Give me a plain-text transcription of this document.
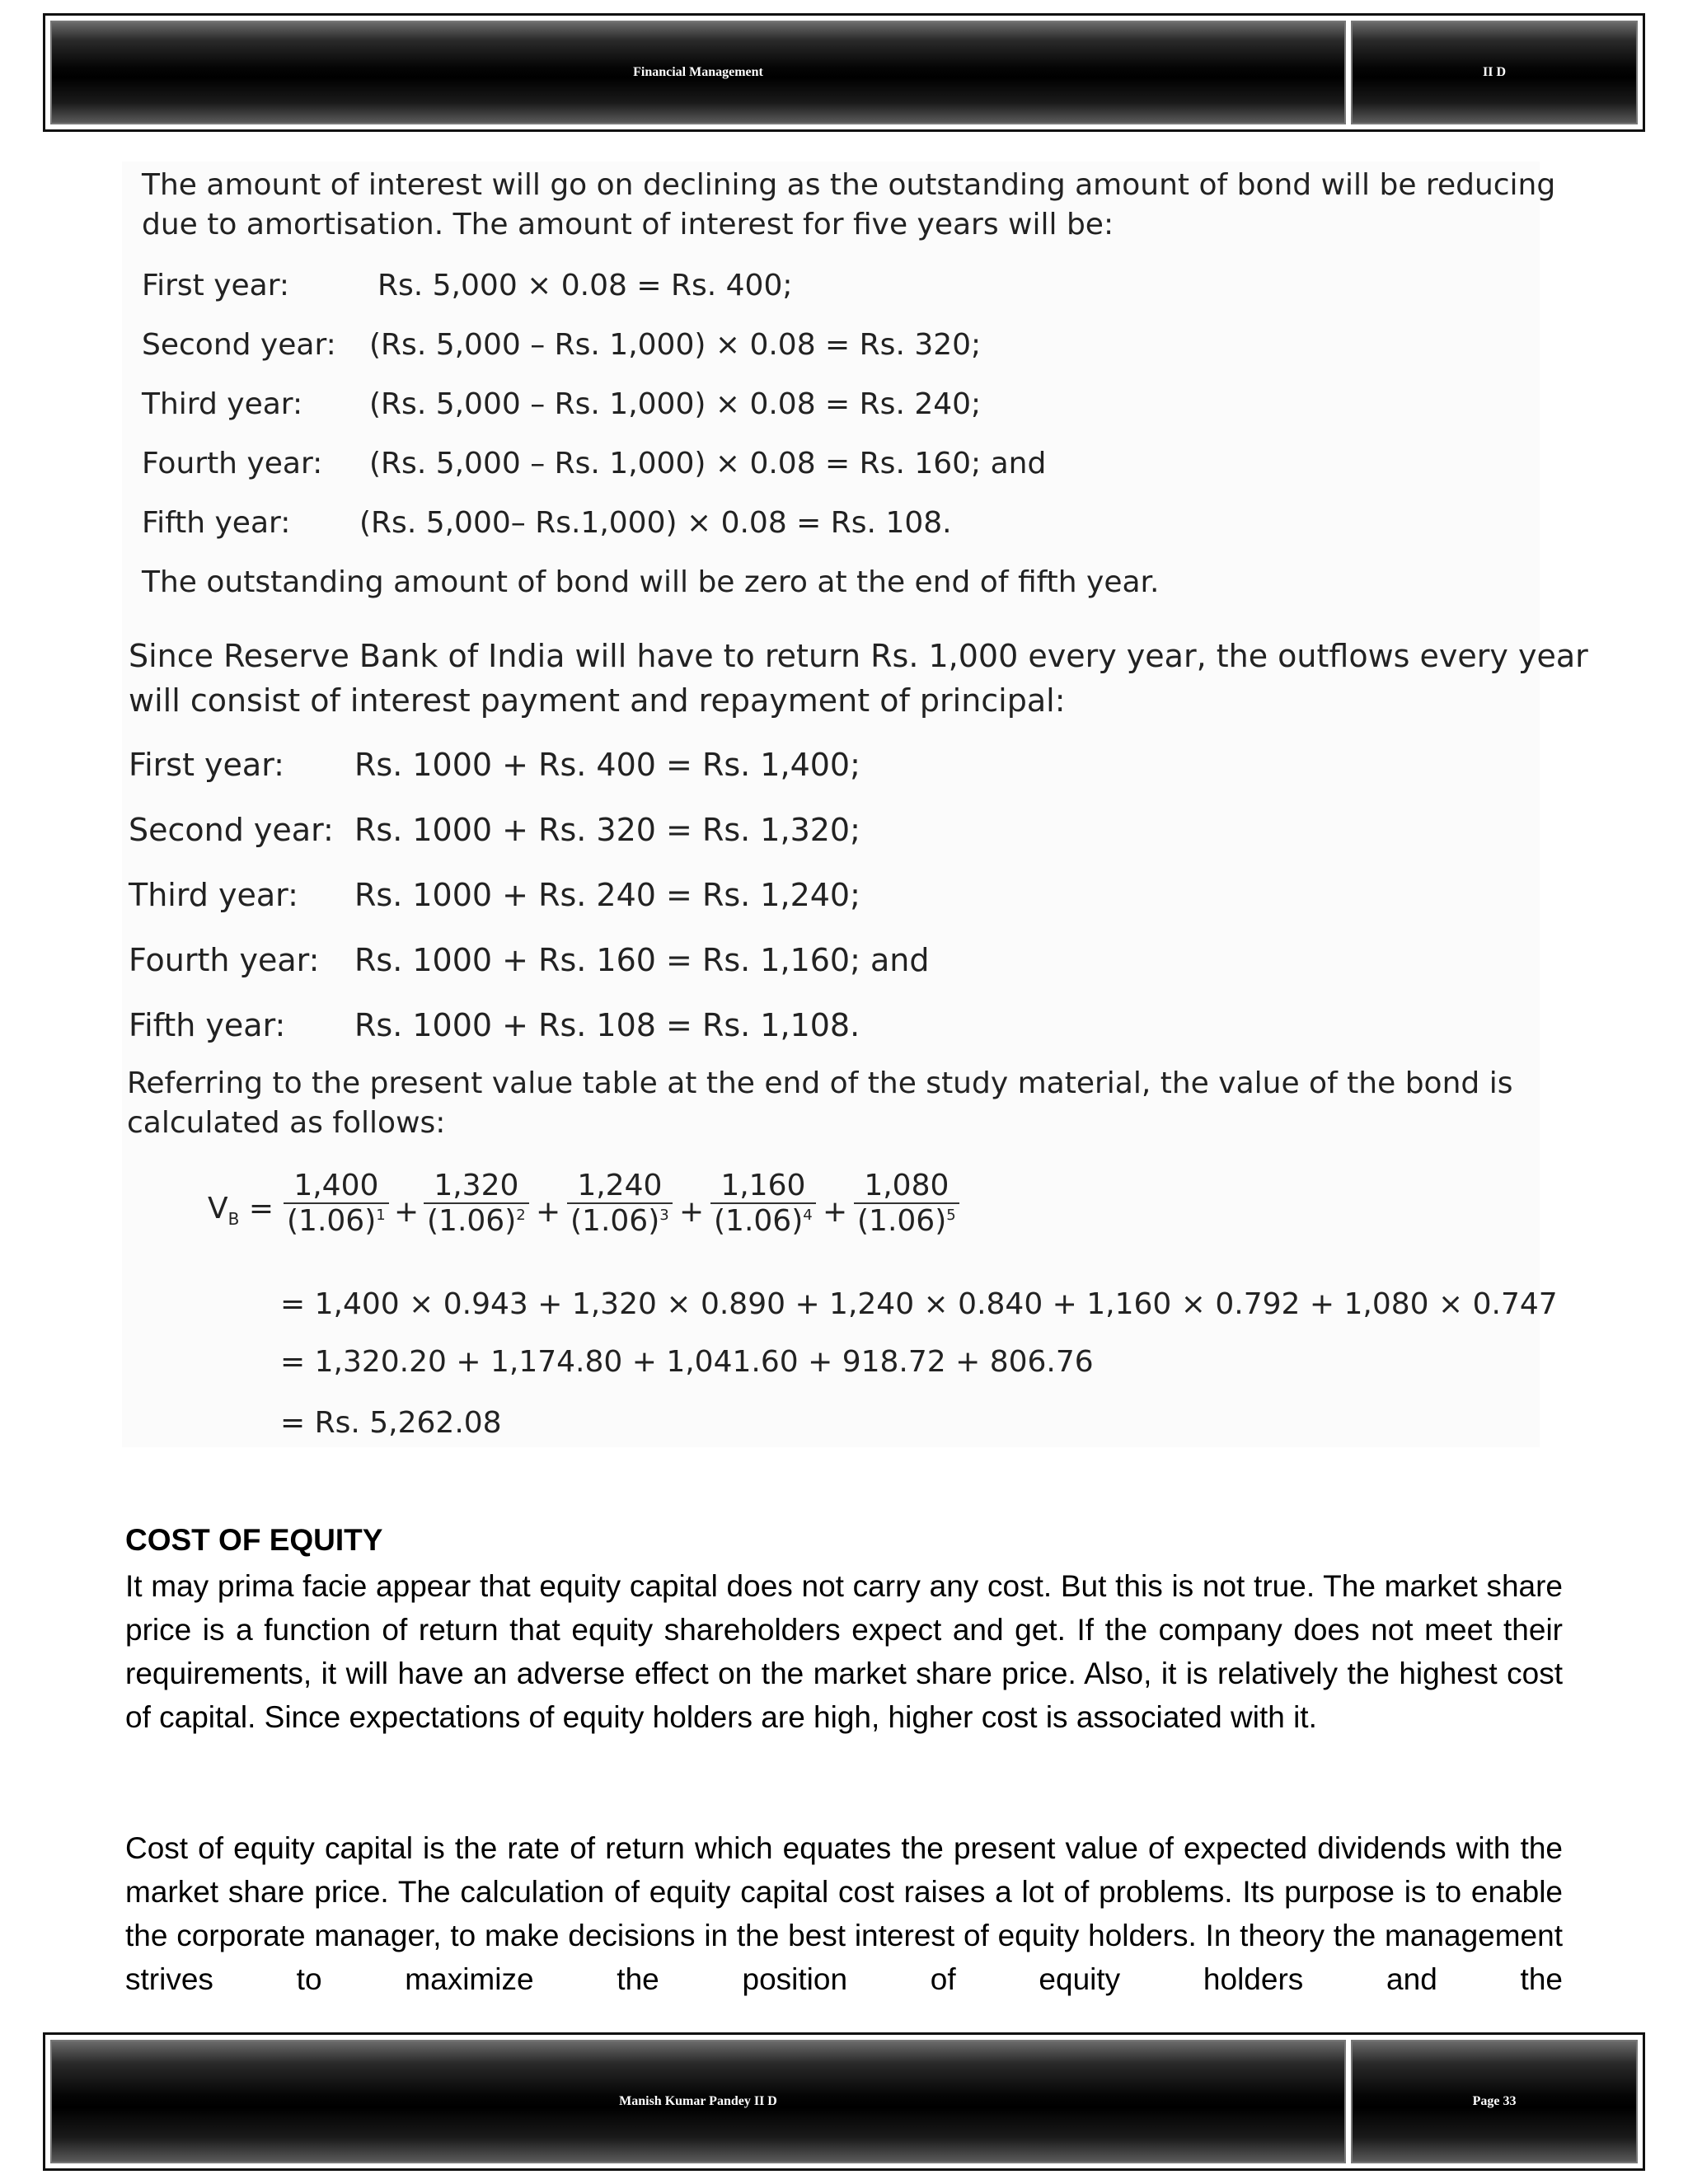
Financial Management	II D
The amount of interest will go on declining as the outstanding amount of bond will be reducing
due to amortisation. The amount of interest for five years will be:
First year:	Rs. 5,000 × 0.08 = Rs. 400;
Second year: (Rs. 5,000 – Rs. 1,000) × 0.08 = Rs. 320;
Third year: (Rs. 5,000 – Rs. 1,000) × 0.08 = Rs. 240;
Fourth year: (Rs. 5,000 – Rs. 1,000) × 0.08 = Rs. 160; and
Fifth year: (Rs. 5,000– Rs.1,000) × 0.08 = Rs. 108.
The outstanding amount of bond will be zero at the end of fifth year.
Since Reserve Bank of India will have to return Rs. 1,000 every year, the outflows every year
will consist of interest payment and repayment of principal:
First year: Rs. 1000 + Rs. 400 = Rs. 1,400;
Second year: Rs. 1000 + Rs. 320 = Rs. 1,320;
Third year: Rs. 1000 + Rs. 240 = Rs. 1,240;
Fourth year: Rs. 1000 + Rs. 160 = Rs. 1,160; and
Fifth year: Rs. 1000 + Rs. 108 = Rs. 1,108.
Referring to the present value table at the end of the study material, the value of the bond is
calculated as follows:
$V_B = \frac{1,400}{(1.06)^1} + \frac{1,320}{(1.06)^2} + \frac{1,240}{(1.06)^3} + \frac{1,160}{(1.06)^4} + \frac{1,080}{(1.06)^5}$
= 1,400 × 0.943 + 1,320 × 0.890 + 1,240 × 0.840 + 1,160 × 0.792 + 1,080 × 0.747
= 1,320.20 + 1,174.80 + 1,041.60 + 918.72 + 806.76
= Rs. 5,262.08
COST OF EQUITY
It may prima facie appear that equity capital does not carry any cost. But this is not true. The market share price is a function of return that equity shareholders expect and get. If the company does not meet their requirements, it will have an adverse effect on the market share price. Also, it is relatively the highest cost of capital. Since expectations of equity holders are high, higher cost is associated with it.
Cost of equity capital is the rate of return which equates the present value of expected dividends with the market share price. The calculation of equity capital cost raises a lot of problems. Its purpose is to enable the corporate manager, to make decisions in the best interest of equity holders. In theory the management strives to maximize the position of equity holders and the
Manish Kumar Pandey II D	Page 33
